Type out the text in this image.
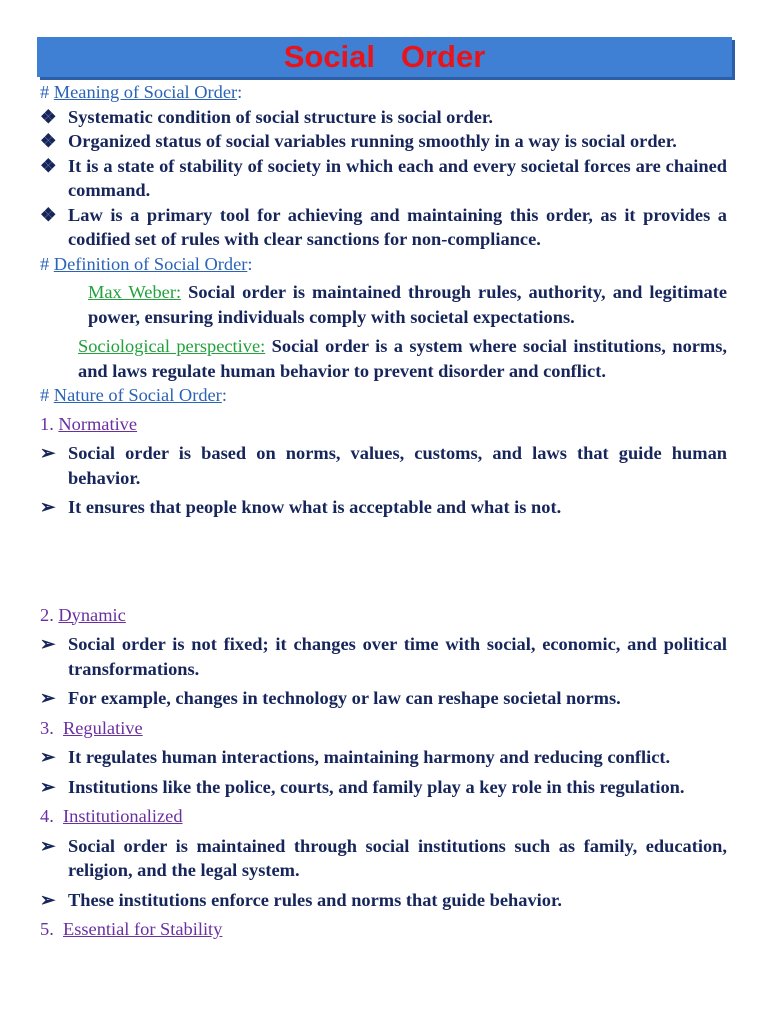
Social   Order
# Meaning of Social Order:
❖ Systematic condition of social structure is social order.
❖ Organized status of social variables running smoothly in a way is social order.
❖ It is a state of stability of society in which each and every societal forces are chained command.
❖ Law is a primary tool for achieving and maintaining this order, as it provides a codified set of rules with clear sanctions for non-compliance.
# Definition of Social Order:
Max Weber: Social order is maintained through rules, authority, and legitimate power, ensuring individuals comply with societal expectations.
Sociological perspective: Social order is a system where social institutions, norms, and laws regulate human behavior to prevent disorder and conflict.
# Nature of Social Order:
1. Normative
➢ Social order is based on norms, values, customs, and laws that guide human behavior.
➢ It ensures that people know what is acceptable and what is not.
2. Dynamic
➢ Social order is not fixed; it changes over time with social, economic, and political transformations.
➢ For example, changes in technology or law can reshape societal norms.
3.  Regulative
➢ It regulates human interactions, maintaining harmony and reducing conflict.
➢ Institutions like the police, courts, and family play a key role in this regulation.
4.  Institutionalized
➢ Social order is maintained through social institutions such as family, education, religion, and the legal system.
➢ These institutions enforce rules and norms that guide behavior.
5.  Essential for Stability
